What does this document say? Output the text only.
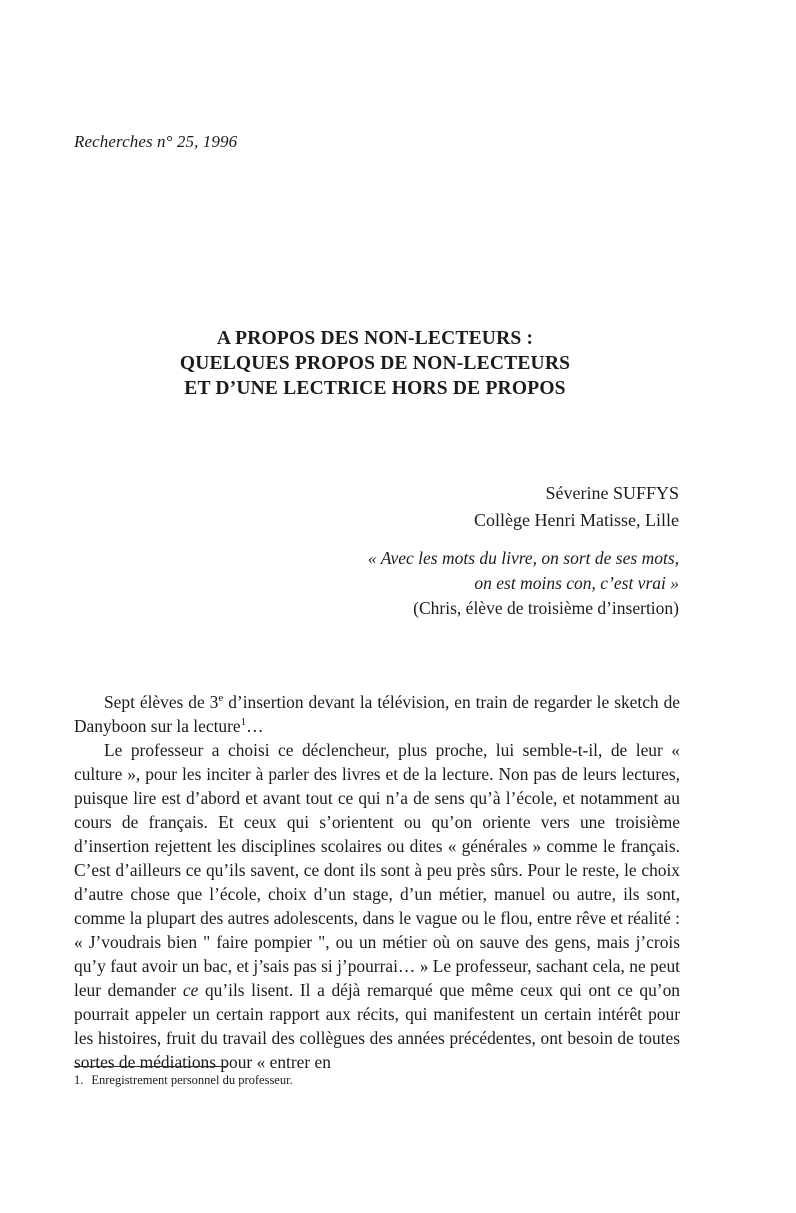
Recherches n° 25, 1996
A PROPOS DES NON-LECTEURS :
QUELQUES PROPOS DE NON-LECTEURS
ET D’UNE LECTRICE HORS DE PROPOS
Séverine SUFFYS
Collège Henri Matisse, Lille
« Avec les mots du livre, on sort de ses mots,
on est moins con, c’est vrai »
(Chris, élève de troisième d’insertion)

Sept élèves de 3e d’insertion devant la télévision, en train de regarder le sketch de Danyboon sur la lecture$^1$…

Le professeur a choisi ce déclencheur, plus proche, lui semble-t-il, de leur « culture », pour les inciter à parler des livres et de la lecture. Non pas de leurs lectures, puisque lire est d’abord et avant tout ce qui n’a de sens qu’à l’école, et notamment au cours de français. Et ceux qui s’orientent ou qu’on oriente vers une troisième d’insertion rejettent les disciplines scolaires ou dites « générales » comme le français. C’est d’ailleurs ce qu’ils savent, ce dont ils sont à peu près sûrs. Pour le reste, le choix d’autre chose que l’école, choix d’un stage, d’un métier, manuel ou autre, ils sont, comme la plupart des autres adolescents, dans le vague ou le flou, entre rêve et réalité : « J’voudrais bien " faire pompier ", ou un métier où on sauve des gens, mais j’crois qu’y faut avoir un bac, et j’sais pas si j’pourrai… » Le professeur, sachant cela, ne peut leur demander ce qu’ils lisent. Il a déjà remarqué que même ceux qui ont ce qu’on pourrait appeler un certain rapport aux récits, qui manifestent un certain intérêt pour les histoires, fruit du travail des collègues des années précédentes, ont besoin de toutes sortes de médiations pour « entrer en

1. Enregistrement personnel du professeur.
